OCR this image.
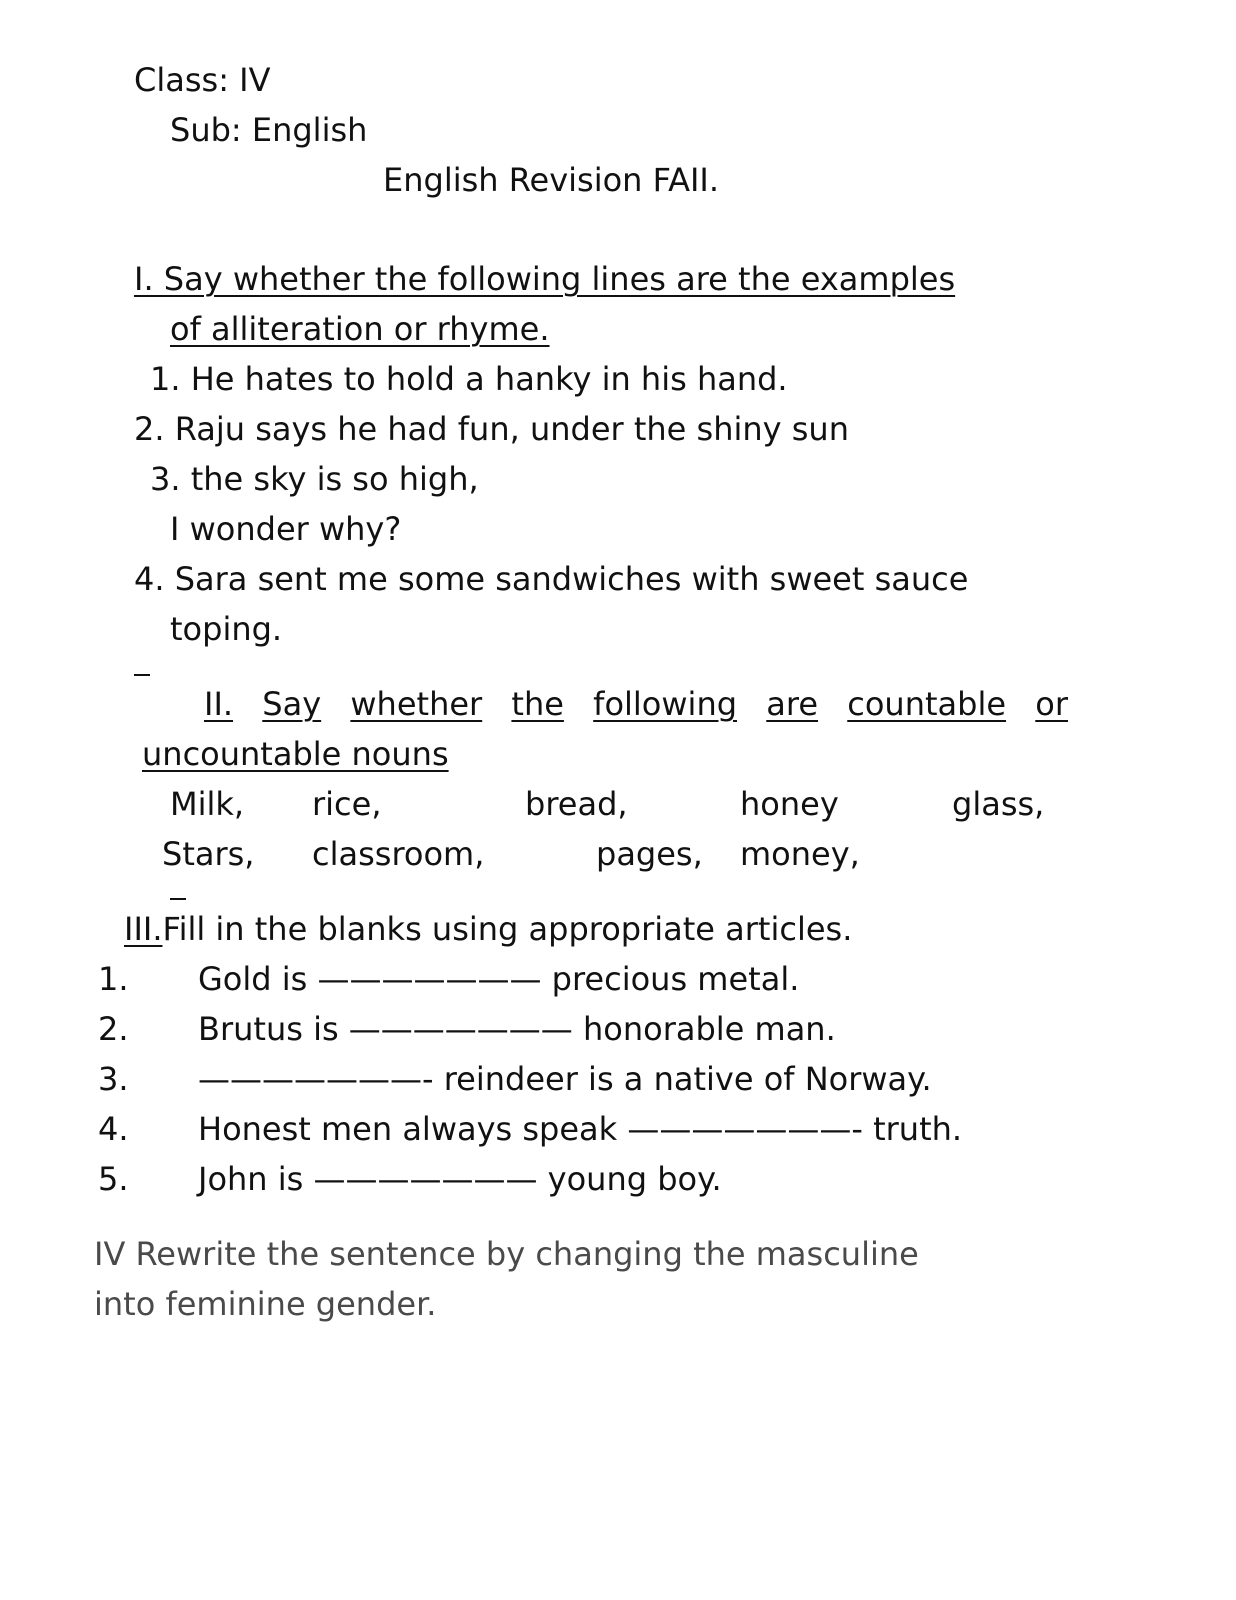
Class: IV
Sub: English
English Revision FAII.
I. Say whether the following lines are the examples
of alliteration or rhyme.
1. He hates to hold a hanky in his hand.
2. Raju says he had fun, under the shiny sun
3. the sky is so high,
I wonder why?
4. Sara sent me some sandwiches with sweet sauce
toping.
II. Say whether the following are countable or
uncountable nouns
Milk, rice,	bread,	honey	glass,
Stars, classroom,	pages, money,
III.Fill in the blanks using appropriate articles.
1. Gold is ——————— precious metal.
2. Brutus is ——————— honorable man.
3. ———————- reindeer is a native of Norway.
4. Honest men always speak ———————- truth.
5. John is ——————— young boy.
IV Rewrite the sentence by changing the masculine
into feminine gender.
